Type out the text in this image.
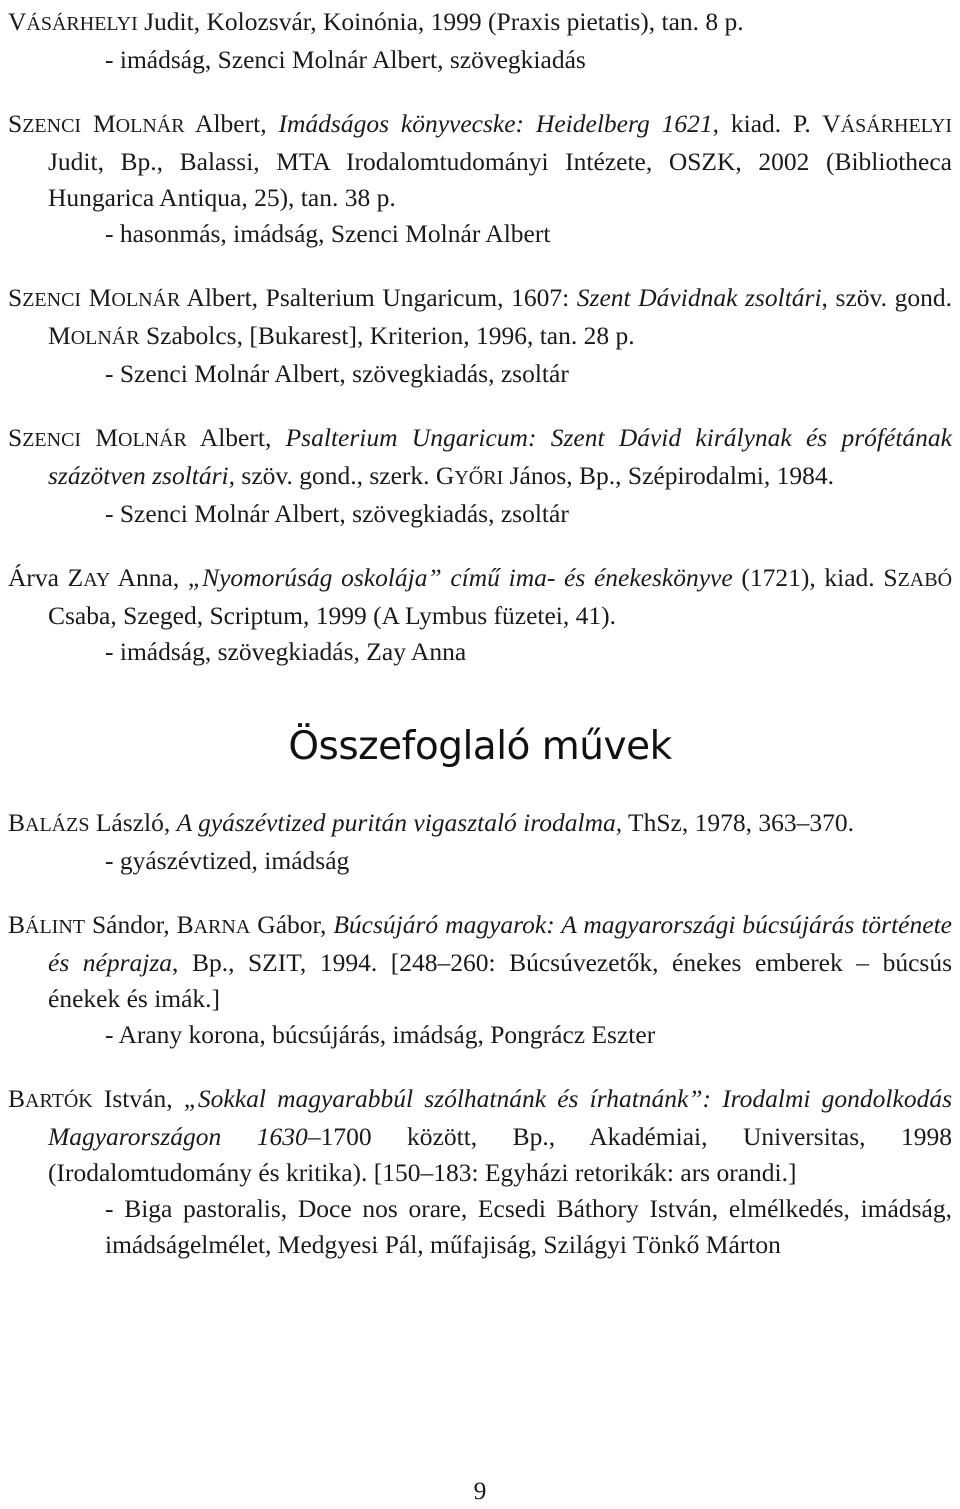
VÁSÁRHELYI Judit, Kolozsvár, Koinónia, 1999 (Praxis pietatis), tan. 8 p.

- imádság, Szenci Molnár Albert, szövegkiadás

SZENCI MOLNÁR Albert, Imádságos könyvecske: Heidelberg 1621, kiad. P. VÁSÁRHELYI Judit, Bp., Balassi, MTA Irodalomtudományi Intézete, OSZK, 2002 (Bibliotheca Hungarica Antiqua, 25), tan. 38 p.

- hasonmás, imádság, Szenci Molnár Albert

SZENCI MOLNÁR Albert, Psalterium Ungaricum, 1607: Szent Dávidnak zsoltári, szöv. gond. MOLNÁR Szabolcs, [Bukarest], Kriterion, 1996, tan. 28 p.

- Szenci Molnár Albert, szövegkiadás, zsoltár

SZENCI MOLNÁR Albert, Psalterium Ungaricum: Szent Dávid királynak és prófétának százötven zsoltári, szöv. gond., szerk. GYŐRI János, Bp., Szépirodalmi, 1984.

- Szenci Molnár Albert, szövegkiadás, zsoltár

Árva ZAY Anna, „Nyomorúság oskolája” című ima- és énekeskönyve (1721), kiad. SZABÓ Csaba, Szeged, Scriptum, 1999 (A Lymbus füzetei, 41).

- imádság, szövegkiadás, Zay Anna

Összefoglaló művek

BALÁZS László, A gyászévtized puritán vigasztaló irodalma, ThSz, 1978, 363–370.

- gyászévtized, imádság

BÁLINT Sándor, BARNA Gábor, Búcsújáró magyarok: A magyarországi búcsújárás története és néprajza, Bp., SZIT, 1994. [248–260: Búcsúvezetők, énekes emberek – búcsús énekek és imák.]

- Arany korona, búcsújárás, imádság, Pongrácz Eszter

BARTÓK István, „Sokkal magyarabbúl szólhatnánk és írhatnánk”: Irodalmi gondolkodás Magyarországon 1630–1700 között, Bp., Akadémiai, Universitas, 1998 (Irodalomtudomány és kritika). [150–183: Egyházi retorikák: ars orandi.]

- Biga pastoralis, Doce nos orare, Ecsedi Báthory István, elmélkedés, imádság, imádságelmélet, Medgyesi Pál, műfajiság, Szilágyi Tönkő Márton

9
